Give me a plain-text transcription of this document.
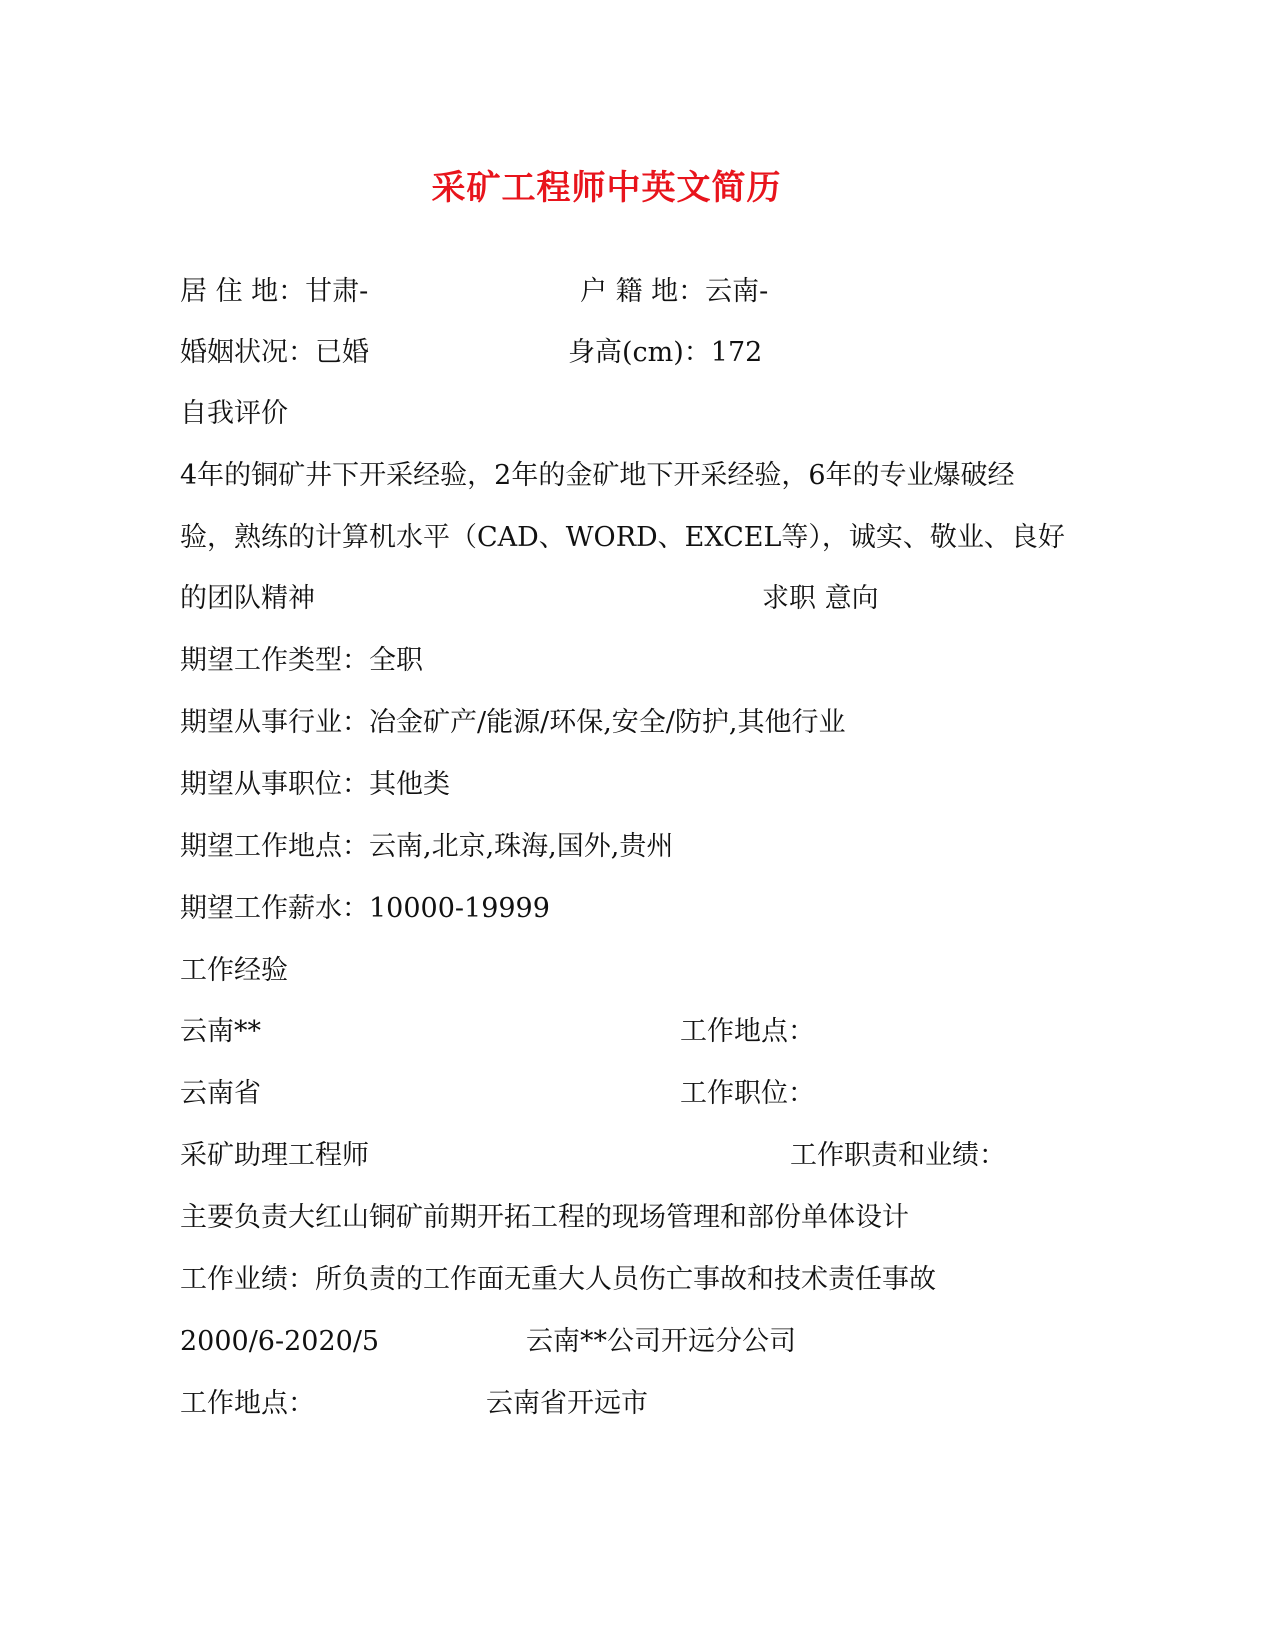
采矿工程师中英文简历
居 住 地：甘肃-	户 籍 地：云南-
婚姻状况：已婚	身高(cm)：172
自我评价
4年的铜矿井下开采经验，2年的金矿地下开采经验，6年的专业爆破经
验，熟练的计算机水平（CAD、WORD、EXCEL等），诚实、敬业、良好
的团队精神	求职 意向
期望工作类型：全职
期望从事行业：冶金矿产/能源/环保,安全/防护,其他行业
期望从事职位：其他类
期望工作地点：云南,北京,珠海,国外,贵州
期望工作薪水：10000-19999
工作经验
云南**	工作地点：
云南省	工作职位：
采矿助理工程师	工作职责和业绩：
主要负责大红山铜矿前期开拓工程的现场管理和部份单体设计
工作业绩：所负责的工作面无重大人员伤亡事故和技术责任事故
2000/6-2020/5	云南**公司开远分公司
工作地点：	云南省开远市
